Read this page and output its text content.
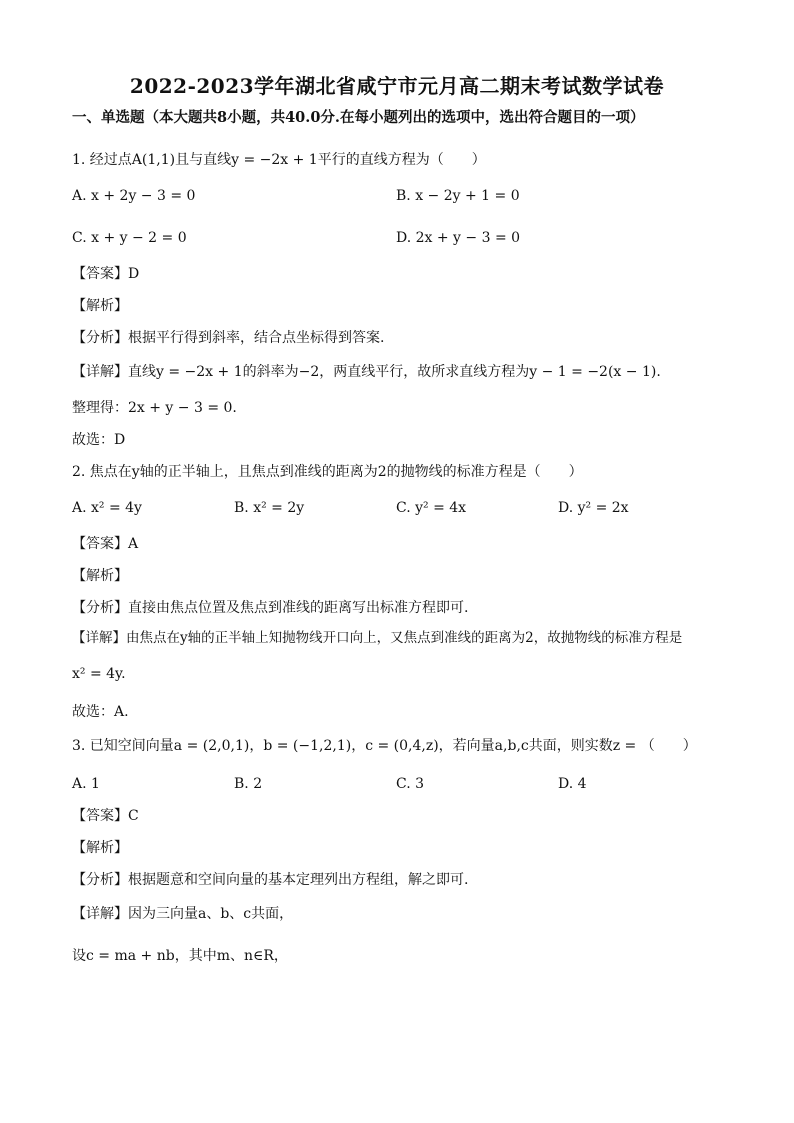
2022-2023学年湖北省咸宁市元月高二期末考试数学试卷
一、单选题（本大题共8小题，共40.0分.在每小题列出的选项中，选出符合题目的一项）
1. 经过点A(1,1)且与直线y = −2x + 1平行的直线方程为（　　）
A. x + 2y − 3 = 0	B. x − 2y + 1 = 0
C. x + y − 2 = 0	D. 2x + y − 3 = 0
【答案】D
【解析】
【分析】根据平行得到斜率，结合点坐标得到答案.
【详解】直线y = −2x + 1的斜率为−2，两直线平行，故所求直线方程为y − 1 = −2(x − 1).
整理得：2x + y − 3 = 0.
故选：D
2. 焦点在y轴的正半轴上，且焦点到准线的距离为2的抛物线的标准方程是（　　）
A. x² = 4y	B. x² = 2y	C. y² = 4x	D. y² = 2x
【答案】A
【解析】
【分析】直接由焦点位置及焦点到准线的距离写出标准方程即可.
【详解】由焦点在y轴的正半轴上知抛物线开口向上，又焦点到准线的距离为2，故抛物线的标准方程是
x² = 4y.
故选：A.
3. 已知空间向量a = (2,0,1)，b = (−1,2,1)，c = (0,4,z)，若向量a,b,c共面，则实数z = （　　）
A. 1	B. 2	C. 3	D. 4
【答案】C
【解析】
【分析】根据题意和空间向量的基本定理列出方程组，解之即可.
【详解】因为三向量a、b、c共面，
设c = ma + nb，其中m、n∈R，
